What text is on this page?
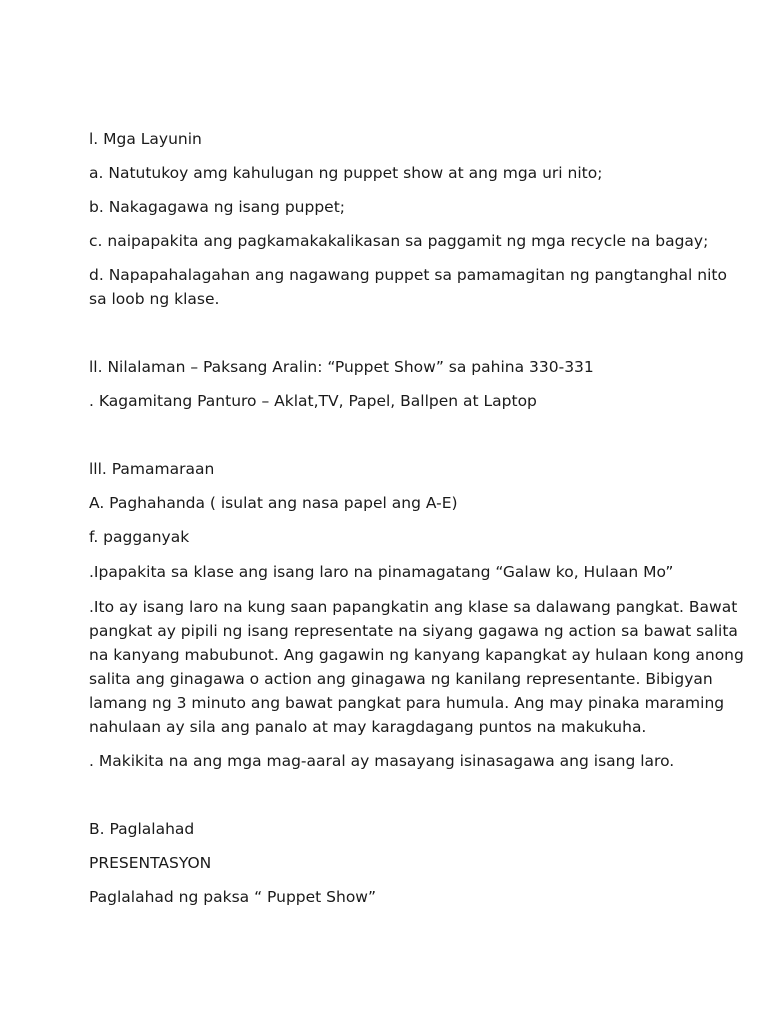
l. Mga Layunin

a. Natutukoy amg kahulugan ng puppet show at ang mga uri nito;

b. Nakagagawa ng isang puppet;

c. naipapakita ang pagkamakakalikasan sa paggamit ng mga recycle na bagay;

d. Napapahalagahan ang nagawang puppet sa pamamagitan ng pangtanghal nito

sa loob ng klase.

ll. Nilalaman – Paksang Aralin: “Puppet Show” sa pahina 330-331

. Kagamitang Panturo – Aklat,TV, Papel, Ballpen at Laptop

lll. Pamamaraan

A. Paghahanda ( isulat ang nasa papel ang A-E)

f. pagganyak

.Ipapakita sa klase ang isang laro na pinamagatang “Galaw ko, Hulaan Mo”

.Ito ay isang laro na kung saan papangkatin ang klase sa dalawang pangkat. Bawat

pangkat ay pipili ng isang representate na siyang gagawa ng action sa bawat salita

na kanyang mabubunot. Ang gagawin ng kanyang kapangkat ay hulaan kong anong

salita ang ginagawa o action ang ginagawa ng kanilang representante. Bibigyan

lamang ng 3 minuto ang bawat pangkat para humula. Ang may pinaka maraming

nahulaan ay sila ang panalo at may karagdagang puntos na makukuha.

. Makikita na ang mga mag-aaral ay masayang isinasagawa ang isang laro.

B. Paglalahad

PRESENTASYON

Paglalahad ng paksa “ Puppet Show”
